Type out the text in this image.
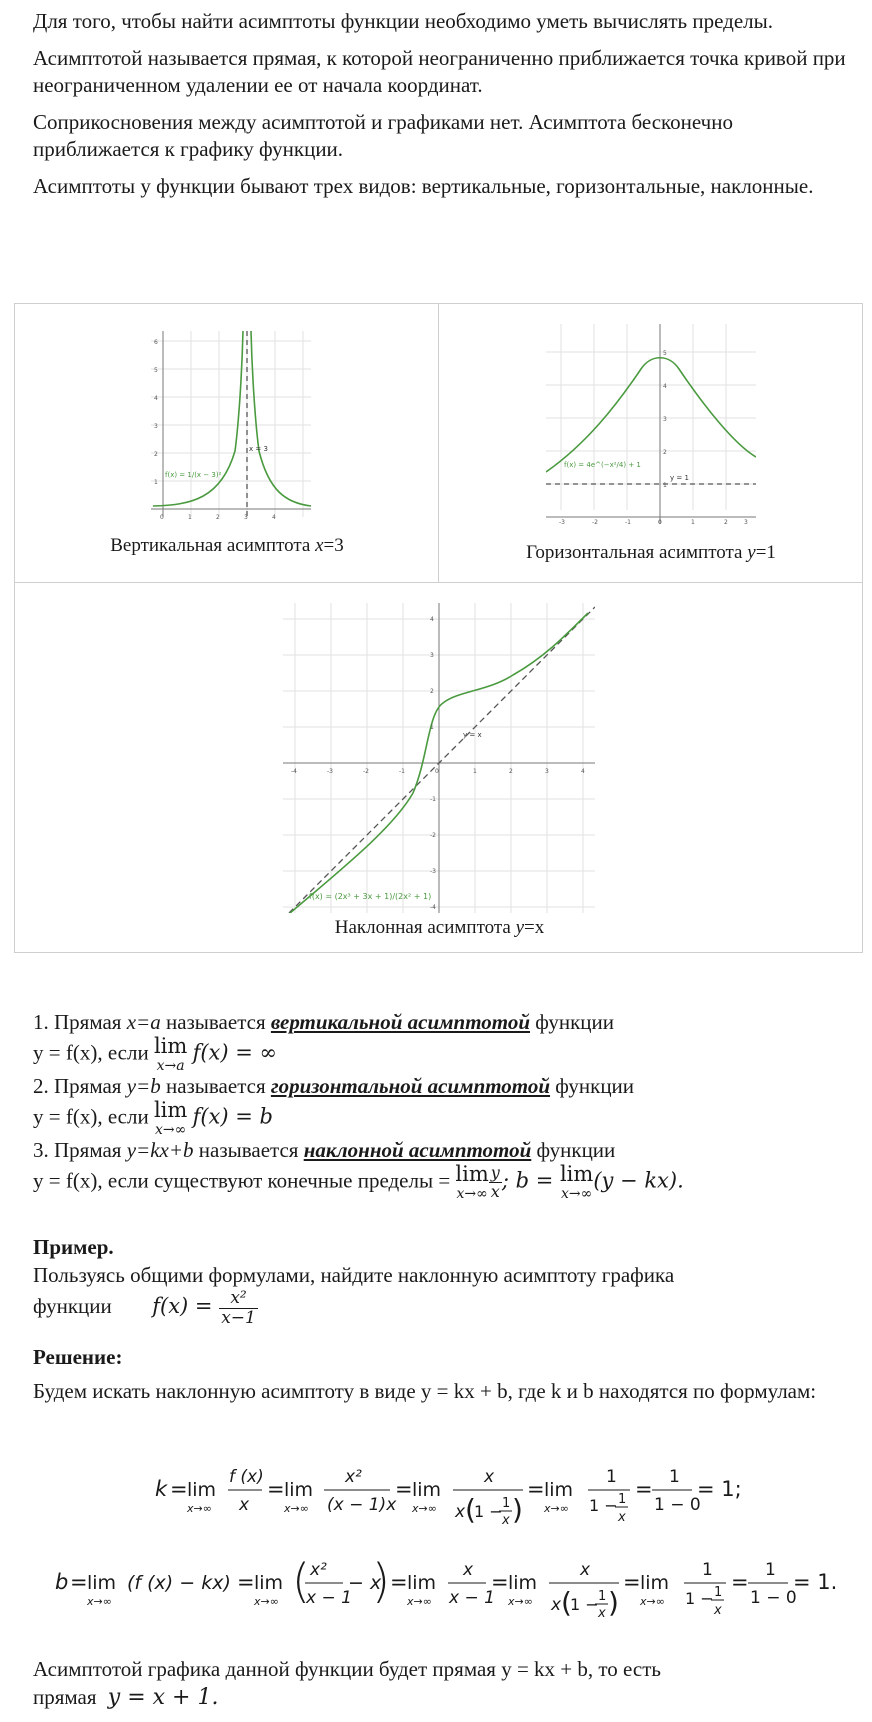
Для того, чтобы найти асимптоты функции необходимо уметь вычислять пределы.

Асимптотой называется прямая, к которой неограниченно приближается точка кривой при неограниченном удалении ее от начала координат.

Соприкосновения между асимптотой и графиками нет. Асимптота бесконечно приближается к графику функции.

Асимптоты у функции бывают трех видов: вертикальные, горизонтальные, наклонные.

x = 3
f(x) = 1/(x − 3)²
0	1	2	3	4
1
2
3
4
5
6
Вертикальная асимптота x=3

y = 1
f(x) = 4e^(−x²/4) + 1
-3	-2	-1	0	1	2	3
1
2
3
4
5
Горизонтальная асимптота y=1

y = x
f(x) = (2x³ + 3x + 1)/(2x² + 1)
-4	-3	-2	-1	0	1	2	3	4
-4
-3
-2
-1
1
2
3
4
Наклонная асимптота y=x
1. Прямая x=a называется вертикальной асимптотой функции
y = f(x), если lim
x→a
f(x) = ∞
2. Прямая y=b называется горизонтальной асимптотой функции
y = f(x), если lim
x→∞
f(x) = b
3. Прямая y=kx+b называется наклонной асимптотой функции
y = f(x), если существуют конечные пределы = lim
$x\to\infty \frac{y}{x}$ ; b = lim
x→∞
(y − kx).
Пример.
Пользуясь общими формулами, найдите наклонную асимптоту графика
функции $f(x) = \frac{\text{x²}}{x-1}$
Решение:
Будем искать наклонную асимптоту в виде y = kx + b, где k и b находятся по формулам:
k = lim
x→∞
f (x)
x
= lim
x→∞
x²
(x − 1)x
= lim
x→∞
x
x (
1 − 1
x )
= lim
x→∞
1
1 − 1
x
= 1
1 − 0
= 1;
b = lim
x→∞
(f (x) − kx) = lim
x→∞ ( x²
x − 1
− x
) = lim
x→∞
x
x − 1
= lim
x→∞
x
x (
1 − 1
x )
= lim
x→∞
1
1 − 1
x
= 1
1 − 0
= 1.
Асимптотой графика данной функции будет прямая y = kx + b, то есть
прямая y = x + 1.
